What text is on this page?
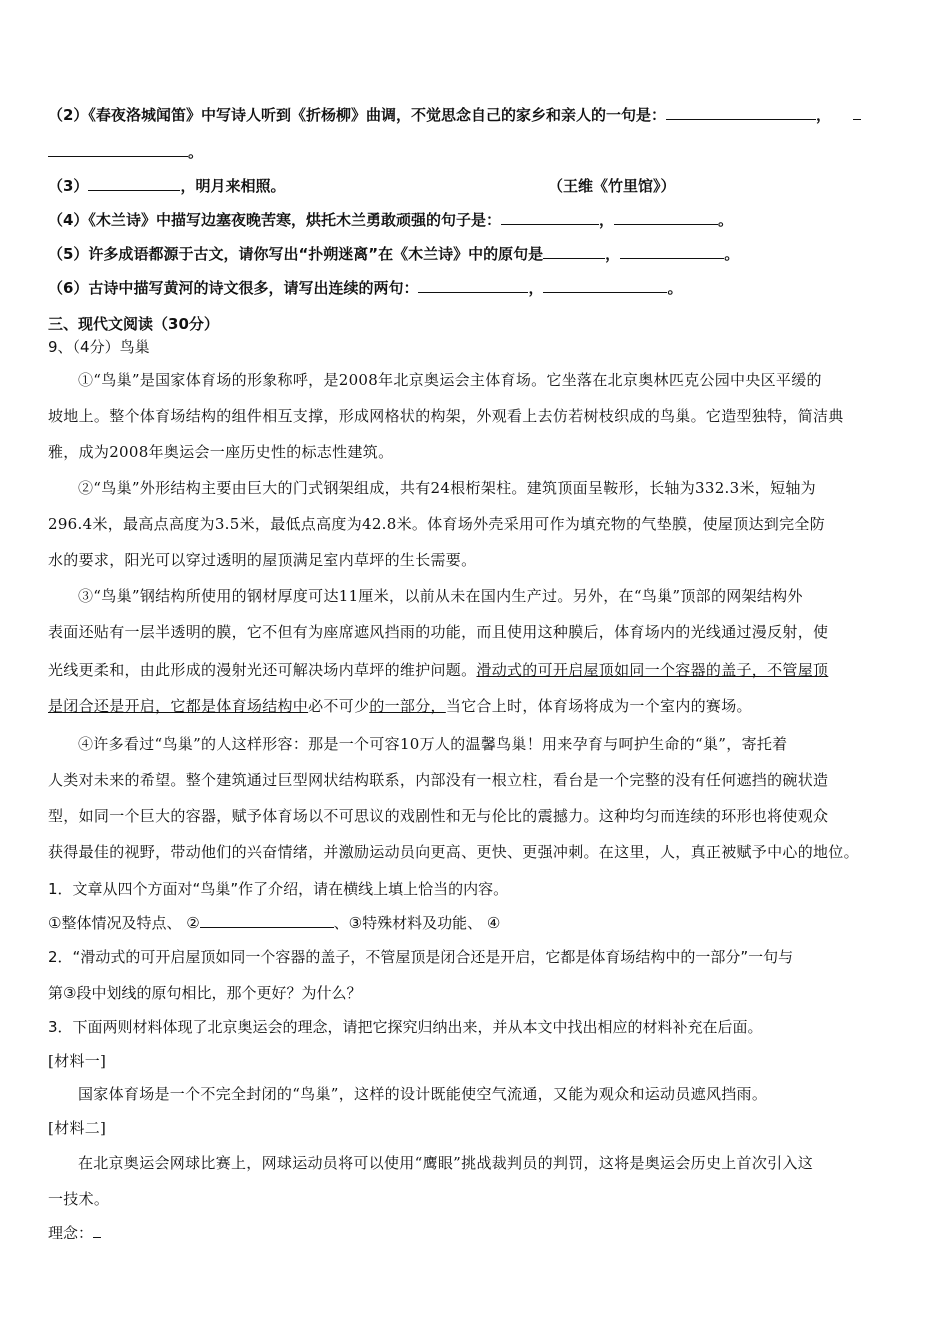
（2）《春夜洛城闻笛》中写诗人听到《折杨柳》曲调，不觉思念自己的家乡和亲人的一句是：	，
。
（3）	，明月来相照。	（王维《竹里馆》）
（4）《木兰诗》中描写边塞夜晚苦寒，烘托木兰勇敢顽强的句子是：	，	。
（5）许多成语都源于古文，请你写出“扑朔迷离”在《木兰诗》中的原句是	，	。
（6）古诗中描写黄河的诗文很多，请写出连续的两句：	，	。
三、现代文阅读（30分）
9、（4分）鸟巢
①“鸟巢”是国家体育场的形象称呼，是2008年北京奥运会主体育场。它坐落在北京奥林匹克公园中央区平缓的
坡地上。整个体育场结构的组件相互支撑，形成网格状的构架，外观看上去仿若树枝织成的鸟巢。它造型独特，简洁典
雅，成为2008年奥运会一座历史性的标志性建筑。
②“鸟巢”外形结构主要由巨大的门式钢架组成，共有24根桁架柱。建筑顶面呈鞍形，长轴为332.3米，短轴为
296.4米，最高点高度为3.5米，最低点高度为42.8米。体育场外壳采用可作为填充物的气垫膜，使屋顶达到完全防
水的要求，阳光可以穿过透明的屋顶满足室内草坪的生长需要。
③“鸟巢”钢结构所使用的钢材厚度可达11厘米，以前从未在国内生产过。另外，在“鸟巢”顶部的网架结构外
表面还贴有一层半透明的膜，它不但有为座席遮风挡雨的功能，而且使用这种膜后，体育场内的光线通过漫反射，使
光线更柔和，由此形成的漫射光还可解决场内草坪的维护问题。滑动式的可开启屋顶如同一个容器的盖子，不管屋顶
是闭合还是开启，它都是体育场结构中必不可少的一部分，当它合上时，体育场将成为一个室内的赛场。
④许多看过“鸟巢”的人这样形容：那是一个可容10万人的温馨鸟巢！用来孕育与呵护生命的“巢”，寄托着
人类对未来的希望。整个建筑通过巨型网状结构联系，内部没有一根立柱，看台是一个完整的没有任何遮挡的碗状造
型，如同一个巨大的容器，赋予体育场以不可思议的戏剧性和无与伦比的震撼力。这种均匀而连续的环形也将使观众
获得最佳的视野，带动他们的兴奋情绪，并激励运动员向更高、更快、更强冲刺。在这里，人，真正被赋予中心的地位。
1．文章从四个方面对“鸟巢”作了介绍，请在横线上填上恰当的内容。
①整体情况及特点、 ②	、③特殊材料及功能、 ④
2．“滑动式的可开启屋顶如同一个容器的盖子，不管屋顶是闭合还是开启，它都是体育场结构中的一部分”一句与
第③段中划线的原句相比，那个更好？为什么？
3．下面两则材料体现了北京奥运会的理念，请把它探究归纳出来，并从本文中找出相应的材料补充在后面。
[材料一]
国家体育场是一个不完全封闭的“鸟巢”，这样的设计既能使空气流通，又能为观众和运动员遮风挡雨。
[材料二]
在北京奥运会网球比赛上，网球运动员将可以使用“鹰眼”挑战裁判员的判罚，这将是奥运会历史上首次引入这
一技术。
理念：
